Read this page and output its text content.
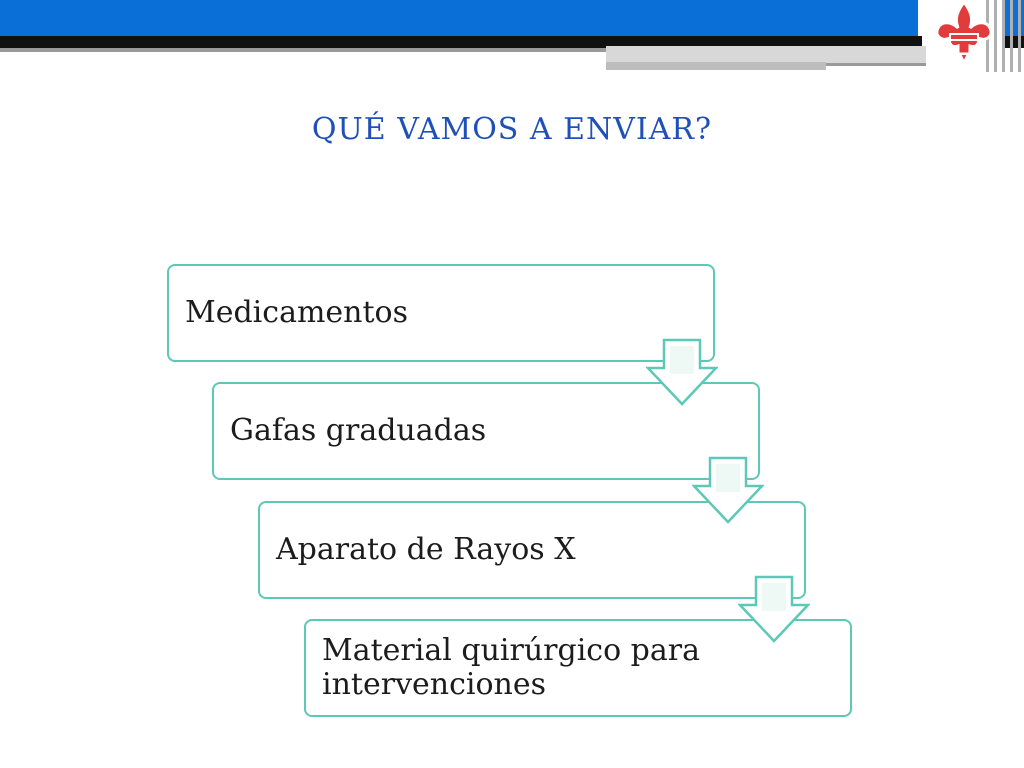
QUÉ VAMOS A ENVIAR?
Medicamentos
Gafas graduadas
Aparato de Rayos X
Material quirúrgico para intervenciones
